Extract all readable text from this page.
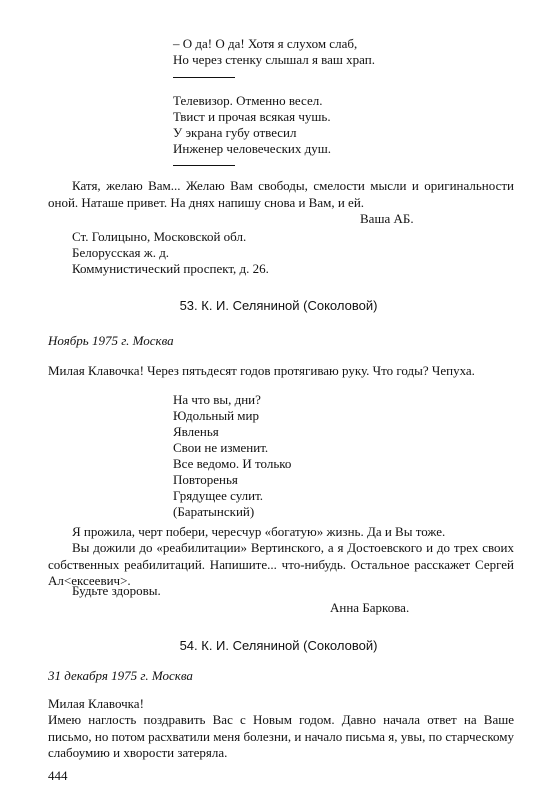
– О да! О да! Хотя я слухом слаб,
Но через стенку слышал я ваш храп.
Телевизор. Отменно весел.
Твист и прочая всякая чушь.
У экрана губу отвесил
Инженер человеческих душ.
Катя, желаю Вам... Желаю Вам свободы, смелости мысли и оригинальности оной. Наташе привет. На днях напишу снова и Вам, и ей.
Ваша АБ.
Ст. Голицыно, Московской обл.
Белорусская ж. д.
Коммунистический проспект, д. 26.
53. К. И. Селяниной (Соколовой)
Ноябрь 1975 г. Москва
Милая Клавочка! Через пятьдесят годов протягиваю руку. Что годы? Чепуха.
На что вы, дни?
Юдольный мир
Явленья
Свои не изменит.
Все ведомо. И только
Повторенья
Грядущее сулит.
(Баратынский)
Я прожила, черт побери, чересчур «богатую» жизнь. Да и Вы тоже.
Вы дожили до «реабилитации» Вертинского, а я Достоевского и до трех своих собственных реабилитаций. Напишите... что-нибудь. Остальное расскажет Сергей Ал<ексеевич>.
Будьте здоровы.
Анна Баркова.
54. К. И. Селяниной (Соколовой)
31 декабря 1975 г. Москва
Милая Клавочка!
Имею наглость поздравить Вас с Новым годом. Давно начала ответ на Ваше письмо, но потом расхватили меня болезни, и начало письма я, увы, по старческому слабоумию и хворости затеряла.
444
